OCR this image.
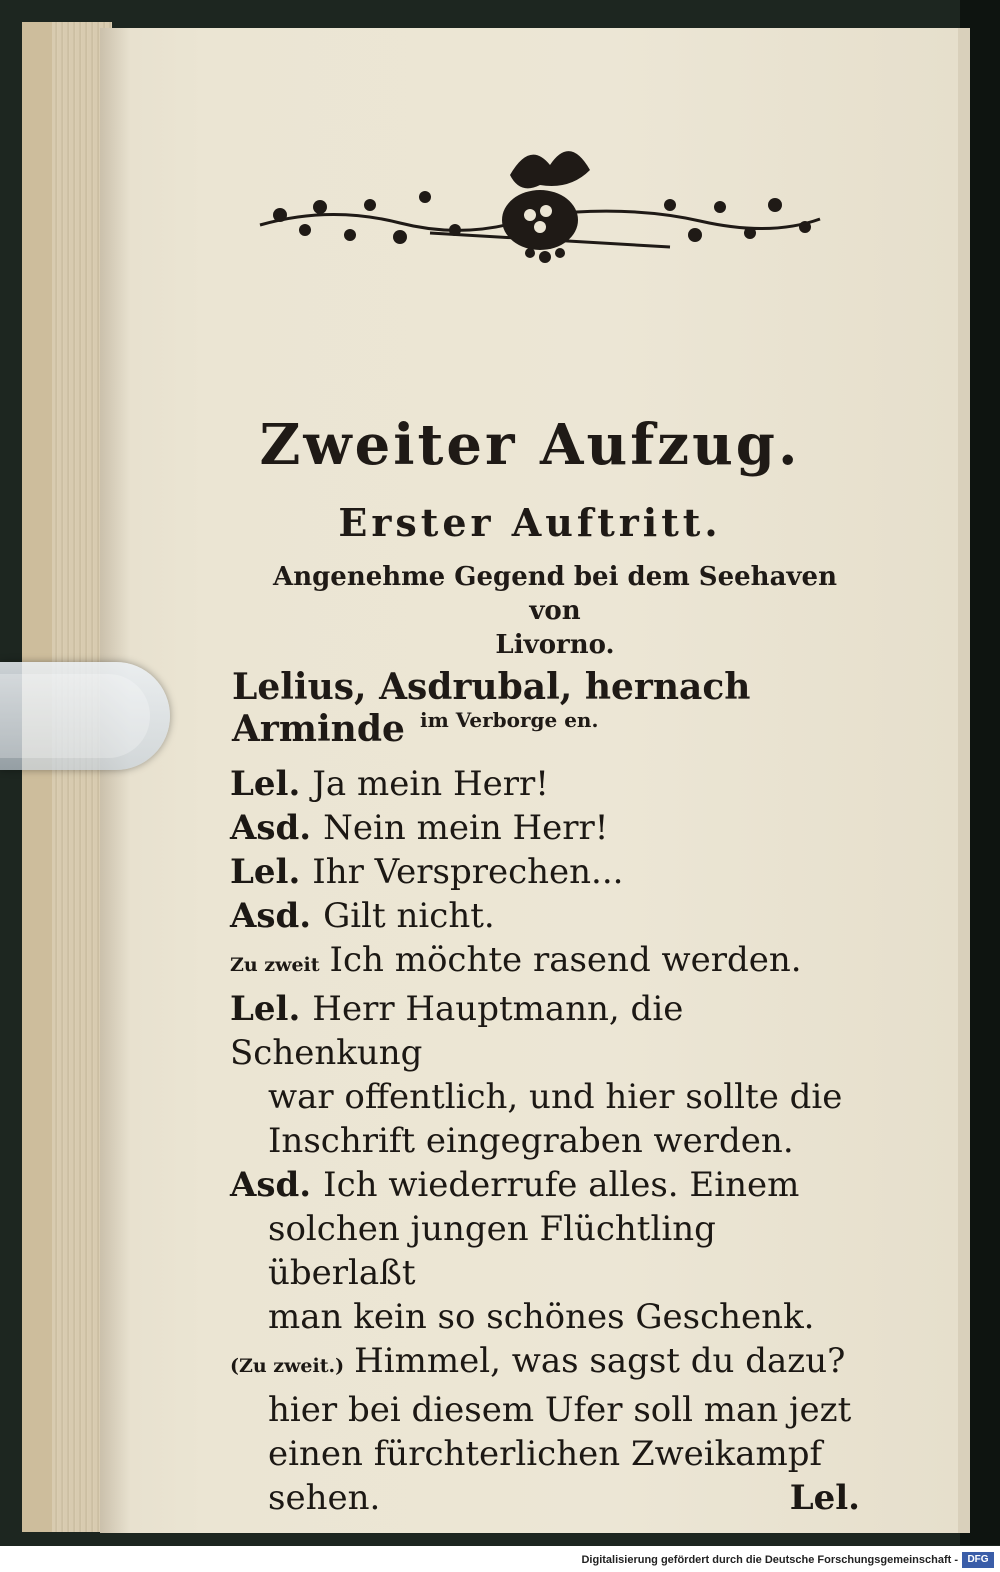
Zweiter Aufzug.
Erster Auftritt.
Angenehme Gegend bei dem Seehaven von
Livorno.
Lelius, Asdrubal, hernach Arminde im Verborge en.
Lel. Ja mein Herr!
Asd. Nein mein Herr!
Lel. Ihr Versprechen...
Asd. Gilt nicht.
Zu zweit Ich möchte rasend werden.
Lel. Herr Hauptmann, die Schenkung
war offentlich, und hier sollte die
Inschrift eingegraben werden.
Asd. Ich wiederrufe alles. Einem
solchen jungen Flüchtling überlaßt
man kein so schönes Geschenk.
(Zu zweit.) Himmel, was sagst du dazu?
hier bei diesem Ufer soll man jezt
einen fürchterlichen Zweikampf
sehen.	Lel.
Digitalisierung gefördert durch die Deutsche Forschungsgemeinschaft - DFG
